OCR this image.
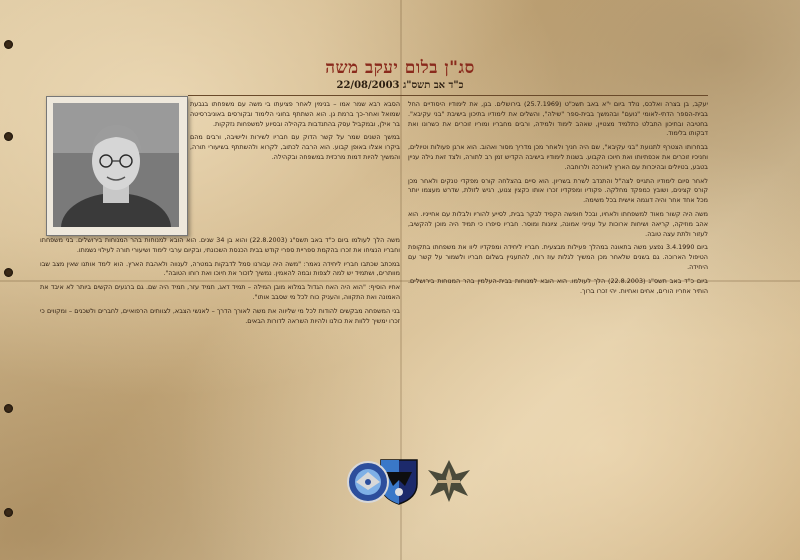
סג"ן בלום יעקב משה
כ"ד אב תשס"ג 22/08/2003

יעקב, בן בצרה ואלכס, נולד ביום י"א באב תשכ"ט (25.7.1969) בירושלים. בגן, את לימודיו היסודיים החל בבית-הספר הדתי-לאומי "נועם" ובהמשך בבית-ספר "שילה", והשלים את לימודיו בתיכון בישיבת "בני עקיבא". בחטיבה ובתיכון התבלט כתלמיד מצטיין, שאהב לימוד ולמידה, ורבים מחבריו ומוריו זוכרים את כשרונו ואת דבקותו בלימוד.

בבחרותו הצטרף לתנועת "בני עקיבא", שם היה חניך ולאחר מכן מדריך מסור ואהוב. הוא ארגן פעולות וטיולים, וחניכיו זוכרים את אכפתיותו ואת חיוכו הקבוע. בשנות לימודיו בישיבה הקדיש זמן רב לתורה, ולצד זאת גילה עניין בטבע, בטיולים ובהיכרות עם הארץ לאורכה ולרוחבה.

לאחר סיום לימודיו התגייס לצה"ל והתנדב לשרת בשריון. הוא סיים בהצלחה קורס מפקדי טנקים ולאחר מכן קורס קצינים, ושובץ כמפקד מחלקה. פקודיו ומפקדיו זכרו אותו כקצין צנוע, רגיש לזולת, שדרש מעצמו יותר מכל אחד אחר והיה דוגמה אישית בכל משימה.

משה היה קשור מאוד למשפחתו ולאחיו, ובכל חופשה הקפיד לבקר בבית, לסייע להוריו ולבלות עם אחייניו. הוא אהב מוזיקה, קריאה ושיחות ארוכות על ענייני אמונה, ציונות ומוסר. חבריו סיפרו כי תמיד היה מוכן להקשיב, לעזור ולתת עצה טובה.

ביום 3.4.1990 נפצע משה בתאונה במהלך פעילות מבצעית. חבריו ליחידה ומפקדיו ליוו את משפחתו בתקופת הטיפול הארוכה. גם בשנים שלאחר מכן המשיך לגלות עוז רוח, להתעניין בשלום חבריו ולשמור על קשר עם היחידה.

ביום כ"ד באב תשס"ג (22.8.2003) הלך לעולמו. הוא הובא למנוחות בבית-העלמין בהר המנוחות בירושלים. הותיר אחריו הורים, אחים ואחיות. יהי זכרו ברוך.

הסבא רבא שמר אמו – בנימין לאחר פציעתו בי משה עם משפחתו בגבעת שמואל ואחר-כך ברמת גן. הוא השתתף בחוגי הלימוד ובקורסים באוניברסיטה בר אילן, ובמקביל עסק בהתנדבות בקהילה ובסיוע למשפחות נזקקות.

במשך השנים שמר על קשר הדוק עם חבריו לשירות ולישיבה, ורבים מהם ביקרו אצלו באופן קבוע. הוא הרבה לכתוב, לקרוא ולהשתתף בשיעורי תורה, והמשיך להיות דמות מרכזית במשפחה ובקהילה.

משה הלך לעולמו ביום כ"ד באב תשס"ג (22.8.2003) והוא בן 34 שנים. הוא הובא למנוחות בהר המנוחות בירושלים. בני משפחתו וחבריו הנציחו את זכרו בהקמת ספריית ספרי קודש בבית הכנסת השכונתי, ובקיום ערבי לימוד ושיעורי תורה לעילוי נשמתו.

במכתב שכתבו חבריו ליחידה נאמר: "משה היה עבורנו סמל לדבקות במטרה, לענווה ולאהבת הארץ. הוא לימד אותנו שאין מצב שבו מוותרים, ושתמיד יש למה לצפות ובמה להאמין. נמשיך לזכור את חיוכו ואת רוחו הטובה".

אחיו הוסיף: "הוא היה האח הגדול במלוא מובן המילה – תמיד דאג, תמיד עזר, תמיד היה שם. גם ברגעים הקשים ביותר לא איבד את האמונה ואת התקווה, והעניק כוח לכל מי שסבב אותו".

בני המשפחה מבקשים להודות לכל מי שליווה את משה לאורך הדרך – לאנשי הצבא, לצוותים הרפואיים, לחברים ולשכנים – ומקווים כי זכרו ימשיך ללוות את כולנו ולהיות השראה לדורות הבאים.
